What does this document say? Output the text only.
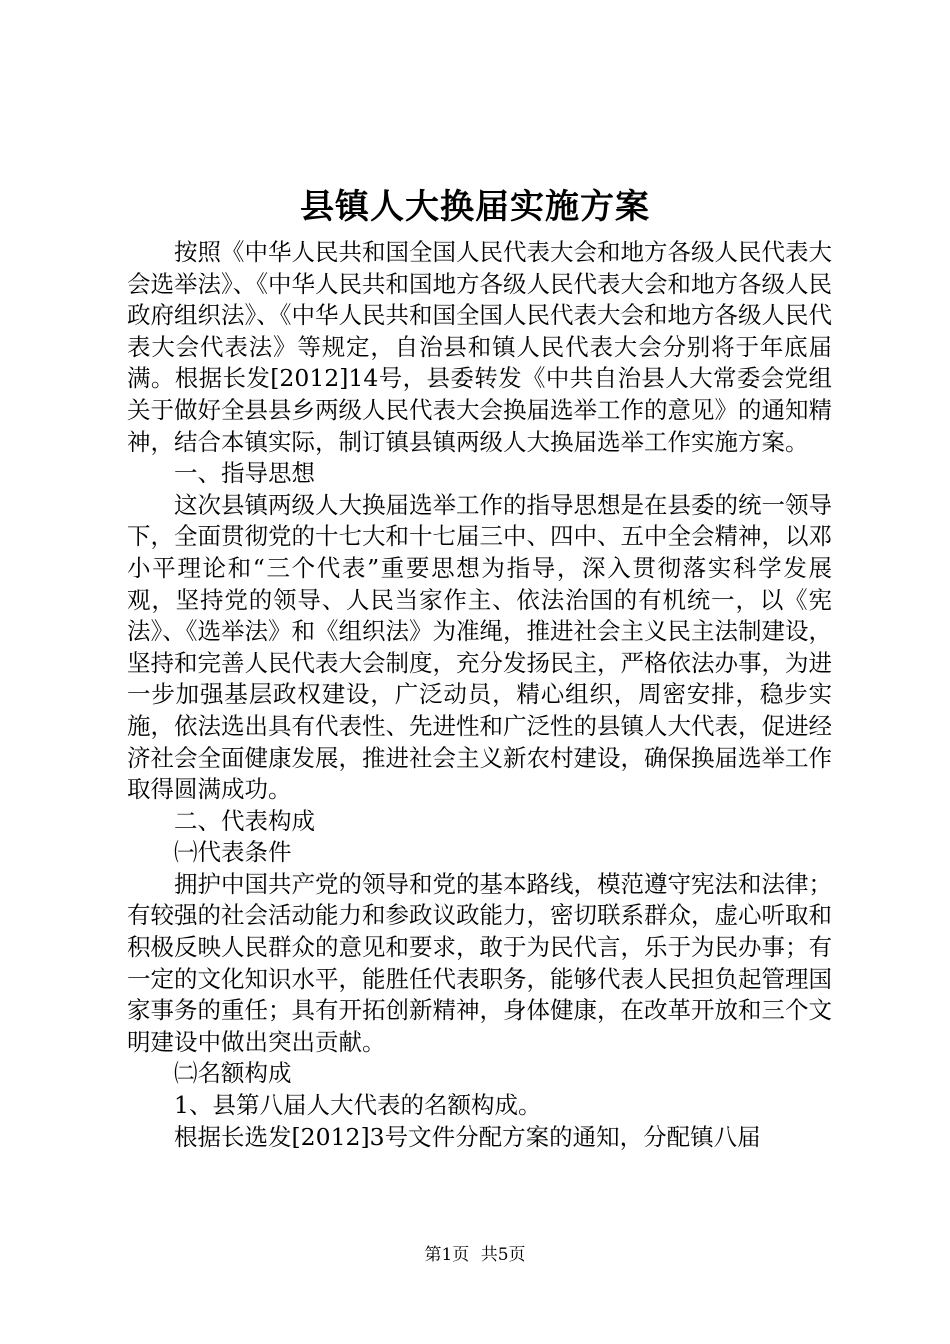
县镇人大换届实施方案

按照《中华人民共和国全国人民代表大会和地方各级人民代表大会选举法》、《中华人民共和国地方各级人民代表大会和地方各级人民政府组织法》、《中华人民共和国全国人民代表大会和地方各级人民代表大会代表法》等规定，自治县和镇人民代表大会分别将于年底届满。根据长发[2012]14号，县委转发《中共自治县人大常委会党组关于做好全县县乡两级人民代表大会换届选举工作的意见》的通知精神，结合本镇实际，制订镇县镇两级人大换届选举工作实施方案。

一、指导思想

这次县镇两级人大换届选举工作的指导思想是在县委的统一领导下，全面贯彻党的十七大和十七届三中、四中、五中全会精神，以邓小平理论和“三个代表”重要思想为指导，深入贯彻落实科学发展观，坚持党的领导、人民当家作主、依法治国的有机统一，以《宪法》、《选举法》和《组织法》为准绳，推进社会主义民主法制建设，坚持和完善人民代表大会制度，充分发扬民主，严格依法办事，为进一步加强基层政权建设，广泛动员，精心组织，周密安排，稳步实施，依法选出具有代表性、先进性和广泛性的县镇人大代表，促进经济社会全面健康发展，推进社会主义新农村建设，确保换届选举工作取得圆满成功。

二、代表构成

㈠代表条件

拥护中国共产党的领导和党的基本路线，模范遵守宪法和法律；有较强的社会活动能力和参政议政能力，密切联系群众，虚心听取和积极反映人民群众的意见和要求，敢于为民代言，乐于为民办事；有一定的文化知识水平，能胜任代表职务，能够代表人民担负起管理国家事务的重任；具有开拓创新精神，身体健康，在改革开放和三个文明建设中做出突出贡献。

㈡名额构成

1、县第八届人大代表的名额构成。

根据长选发[2012]3号文件分配方案的通知，分配镇八届

第1页 共5页
